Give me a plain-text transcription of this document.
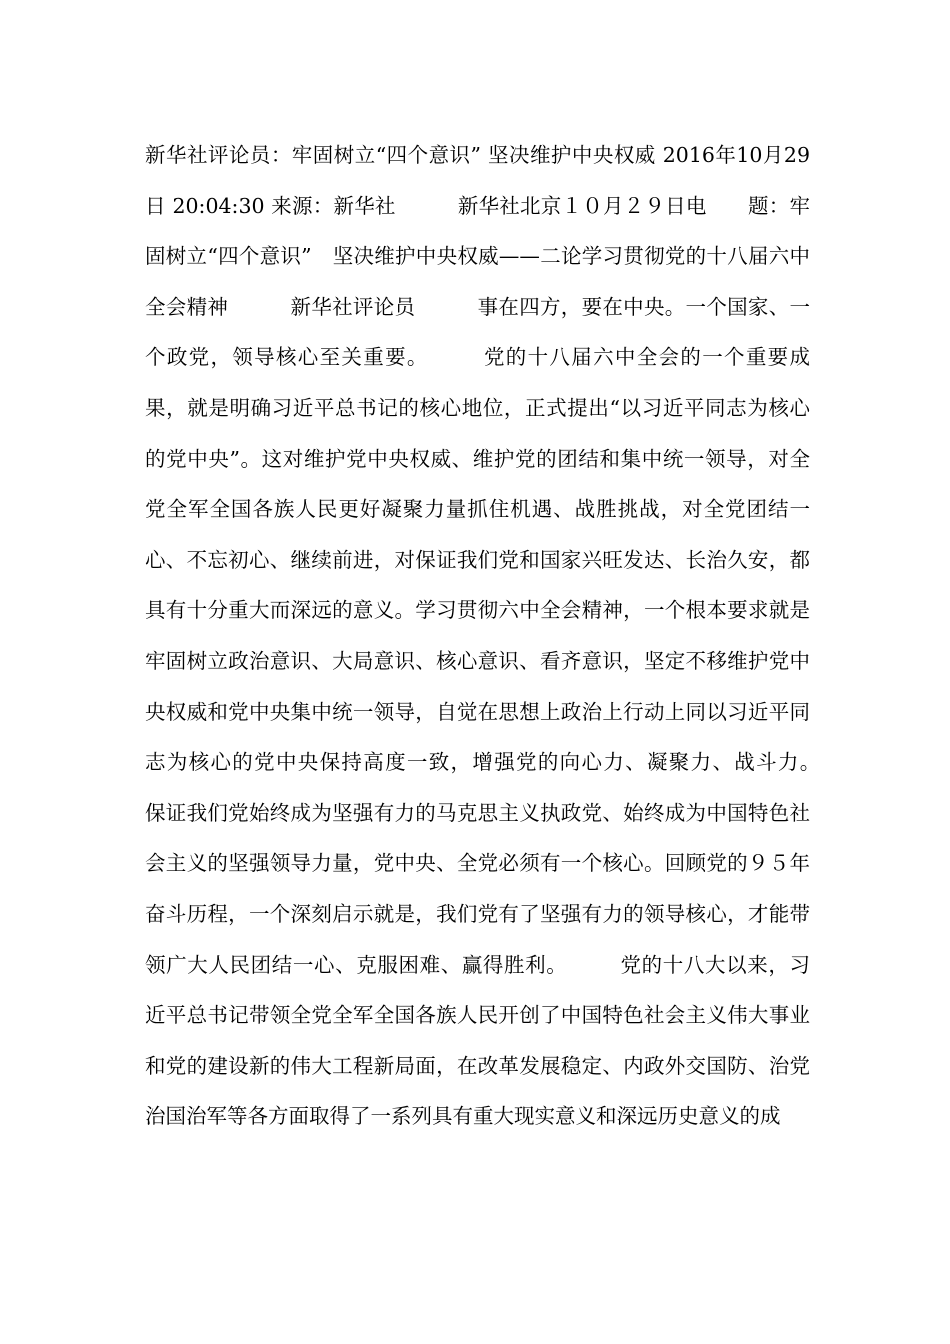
新华社评论员：牢固树立“四个意识” 坚决维护中央权威 2016年10月29日 20:04:30 来源：新华社　　　新华社北京１０月２９日电　　题：牢固树立“四个意识”　坚决维护中央权威——二论学习贯彻党的十八届六中全会精神　　　新华社评论员　　　事在四方，要在中央。一个国家、一个政党，领导核心至关重要。　　　党的十八届六中全会的一个重要成果，就是明确习近平总书记的核心地位，正式提出“以习近平同志为核心的党中央”。这对维护党中央权威、维护党的团结和集中统一领导，对全党全军全国各族人民更好凝聚力量抓住机遇、战胜挑战，对全党团结一心、不忘初心、继续前进，对保证我们党和国家兴旺发达、长治久安，都具有十分重大而深远的意义。学习贯彻六中全会精神，一个根本要求就是牢固树立政治意识、大局意识、核心意识、看齐意识，坚定不移维护党中央权威和党中央集中统一领导，自觉在思想上政治上行动上同以习近平同志为核心的党中央保持高度一致，增强党的向心力、凝聚力、战斗力。　　　保证我们党始终成为坚强有力的马克思主义执政党、始终成为中国特色社会主义的坚强领导力量，党中央、全党必须有一个核心。回顾党的９５年奋斗历程，一个深刻启示就是，我们党有了坚强有力的领导核心，才能带领广大人民团结一心、克服困难、赢得胜利。　　　党的十八大以来，习近平总书记带领全党全军全国各族人民开创了中国特色社会主义伟大事业和党的建设新的伟大工程新局面，在改革发展稳定、内政外交国防、治党治国治军等各方面取得了一系列具有重大现实意义和深远历史意义的成
